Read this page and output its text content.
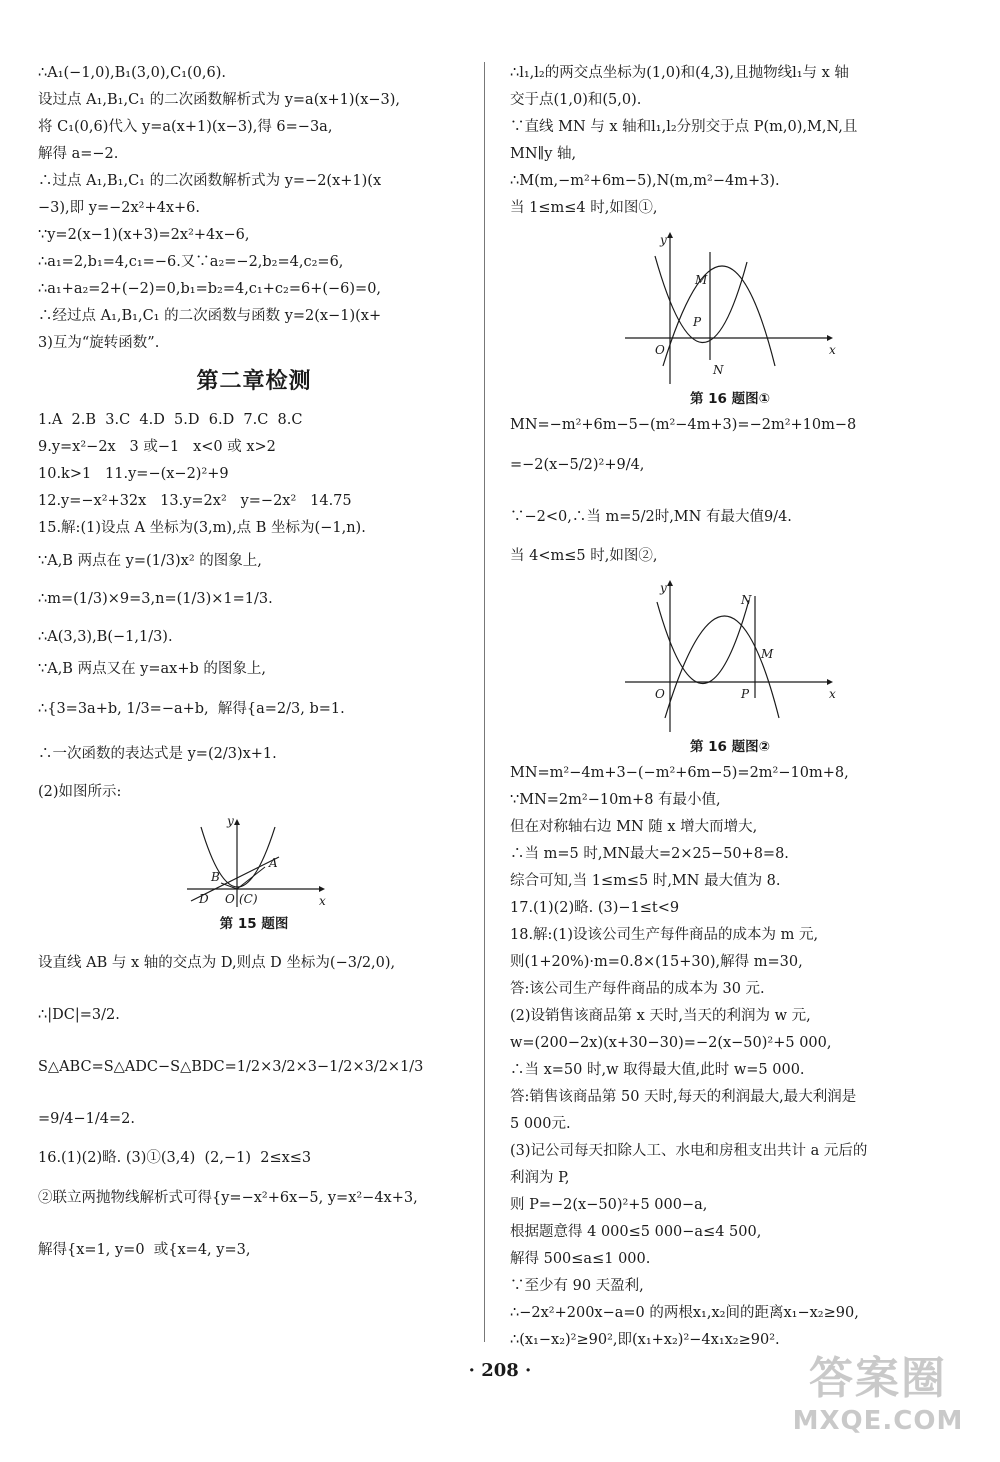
∴A₁(−1,0),B₁(3,0),C₁(0,6).
设过点 A₁,B₁,C₁ 的二次函数解析式为 y=a(x+1)(x−3),
将 C₁(0,6)代入 y=a(x+1)(x−3),得 6=−3a,
解得 a=−2.
∴过点 A₁,B₁,C₁ 的二次函数解析式为 y=−2(x+1)(x
−3),即 y=−2x²+4x+6.
∵y=2(x−1)(x+3)=2x²+4x−6,
∴a₁=2,b₁=4,c₁=−6.又∵a₂=−2,b₂=4,c₂=6,
∴a₁+a₂=2+(−2)=0,b₁=b₂=4,c₁+c₂=6+(−6)=0,
∴经过点 A₁,B₁,C₁ 的二次函数与函数 y=2(x−1)(x+
3)互为“旋转函数”.
第二章检测
1.A  2.B  3.C  4.D  5.D  6.D  7.C  8.C
9.y=x²−2x   3 或−1   x<0 或 x>2
10.k>1   11.y=−(x−2)²+9
12.y=−x²+32x   13.y=2x²   y=−2x²   14.75
15.解:(1)设点 A 坐标为(3,m),点 B 坐标为(−1,n).
∵A,B 两点在 y=(1/3)x² 的图象上,
∴m=(1/3)×9=3,n=(1/3)×1=1/3.
∴A(3,3),B(−1,1/3).
∵A,B 两点又在 y=ax+b 的图象上,
∴{3=3a+b, 1/3=−a+b,  解得{a=2/3, b=1.
∴一次函数的表达式是 y=(2/3)x+1.
(2)如图所示:
y
x
A
B
D O (C)
第 15 题图
设直线 AB 与 x 轴的交点为 D,则点 D 坐标为(−3/2,0),
∴|DC|=3/2.
S△ABC=S△ADC−S△BDC=1/2×3/2×3−1/2×3/2×1/3
=9/4−1/4=2.
16.(1)(2)略. (3)①(3,4)  (2,−1)  2≤x≤3
②联立两抛物线解析式可得{y=−x²+6x−5, y=x²−4x+3,
解得{x=1, y=0  或{x=4, y=3,
∴l₁,l₂的两交点坐标为(1,0)和(4,3),且抛物线l₁与 x 轴
交于点(1,0)和(5,0).
∵直线 MN 与 x 轴和l₁,l₂分别交于点 P(m,0),M,N,且
MN∥y 轴,
∴M(m,−m²+6m−5),N(m,m²−4m+3).
当 1≤m≤4 时,如图①,
y
x
M
P
O
N
第 16 题图①
MN=−m²+6m−5−(m²−4m+3)=−2m²+10m−8
=−2(x−5/2)²+9/4,
∵−2<0,∴当 m=5/2时,MN 有最大值9/4.
当 4<m≤5 时,如图②,
y
x
N
M
P
O
第 16 题图②
MN=m²−4m+3−(−m²+6m−5)=2m²−10m+8,
∵MN=2m²−10m+8 有最小值,
但在对称轴右边 MN 随 x 增大而增大,
∴当 m=5 时,MN最大=2×25−50+8=8.
综合可知,当 1≤m≤5 时,MN 最大值为 8.
17.(1)(2)略. (3)−1≤t<9
18.解:(1)设该公司生产每件商品的成本为 m 元,
则(1+20%)·m=0.8×(15+30),解得 m=30,
答:该公司生产每件商品的成本为 30 元.
(2)设销售该商品第 x 天时,当天的利润为 w 元,
w=(200−2x)(x+30−30)=−2(x−50)²+5 000,
∴当 x=50 时,w 取得最大值,此时 w=5 000.
答:销售该商品第 50 天时,每天的利润最大,最大利润是
5 000元.
(3)记公司每天扣除人工、水电和房租支出共计 a 元后的
利润为 P,
则 P=−2(x−50)²+5 000−a,
根据题意得 4 000≤5 000−a≤4 500,
解得 500≤a≤1 000.
∵至少有 90 天盈利,
∴−2x²+200x−a=0 的两根x₁,x₂间的距离x₁−x₂≥90,
∴(x₁−x₂)²≥90²,即(x₁+x₂)²−4x₁x₂≥90².
· 208 ·	答案圈
MXQE.COM
